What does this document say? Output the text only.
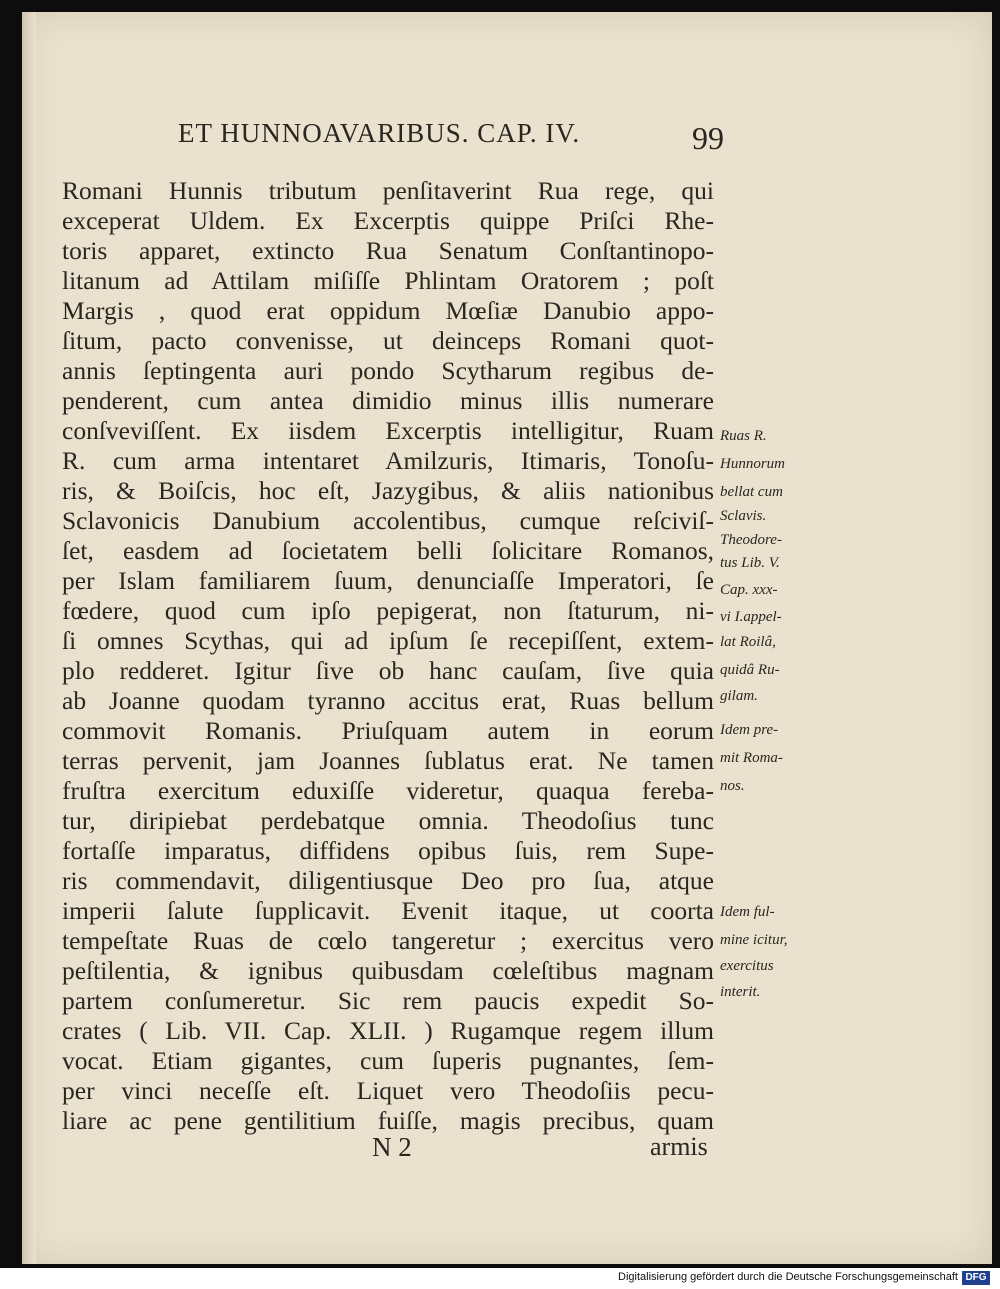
ET HUNNOAVARIBUS. CAP. IV.	99
Romani Hunnis tributum penſitaverint Rua rege, qui
exceperat Uldem. Ex Excerptis quippe Priſci Rhe-
toris apparet, extincto Rua Senatum Conſtantinopo-
litanum ad Attilam miſiſſe Phlintam Oratorem ; poſt
Margis , quod erat oppidum Mœſiæ Danubio appo-
ſitum, pacto convenisse, ut deinceps Romani quot-
annis ſeptingenta auri pondo Scytharum regibus de-
penderent, cum antea dimidio minus illis numerare
conſveviſſent. Ex iisdem Excerptis intelligitur, Ruam
R. cum arma intentaret Amilzuris, Itimaris, Tonoſu-
ris, & Boiſcis, hoc eſt, Jazygibus, & aliis nationibus
Sclavonicis Danubium accolentibus, cumque reſciviſ-
ſet, easdem ad ſocietatem belli ſolicitare Romanos,
per Islam familiarem ſuum, denunciaſſe Imperatori, ſe
fœdere, quod cum ipſo pepigerat, non ſtaturum, ni-
ſi omnes Scythas, qui ad ipſum ſe recepiſſent, extem-
plo redderet. Igitur ſive ob hanc cauſam, ſive quia
ab Joanne quodam tyranno accitus erat, Ruas bellum
commovit Romanis. Priuſquam autem in eorum
terras pervenit, jam Joannes ſublatus erat. Ne tamen
fruſtra exercitum eduxiſſe videretur, quaqua fereba-
tur, diripiebat perdebatque omnia. Theodoſius tunc
fortaſſe imparatus, diffidens opibus ſuis, rem Supe-
ris commendavit, diligentiusque Deo pro ſua, atque
imperii ſalute ſupplicavit. Evenit itaque, ut coorta
tempeſtate Ruas de cœlo tangeretur ; exercitus vero
peſtilentia, & ignibus quibusdam cœleſtibus magnam
partem conſumeretur. Sic rem paucis expedit So-
crates ( Lib. VII. Cap. XLII. ) Rugamque regem illum
vocat. Etiam gigantes, cum ſuperis pugnantes, ſem-
per vinci neceſſe eſt. Liquet vero Theodoſiis pecu-
liare ac pene gentilitium fuiſſe, magis precibus, quam
Ruas R.
Hunnorum
bellat cum
Sclavis.
Theodore-
tus Lib. V.
Cap. xxx-
vi I.appel-
lat Roilâ,
quidâ Ru-
gilam.
Idem pre-
mit Roma-
nos.
Idem ful-
mine icitur,
exercitus
interit.
N 2	armis
Digitalisierung gefördert durch die Deutsche Forschungsgemeinschaft DFG
